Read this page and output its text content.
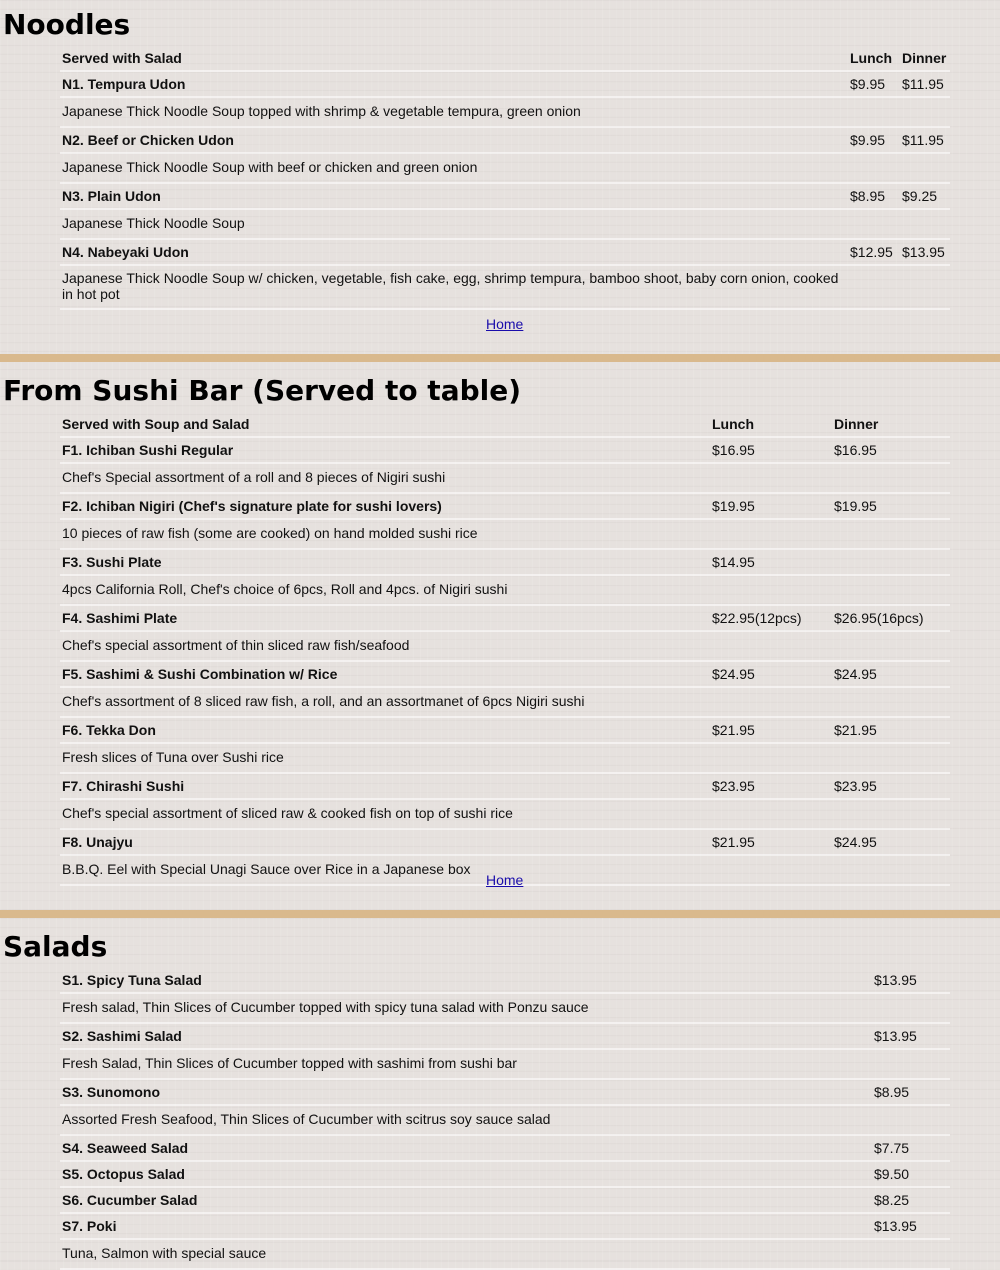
Noodles
Served with Salad	Lunch	Dinner
N1. Tempura Udon	$9.95	$11.95
Japanese Thick Noodle Soup topped with shrimp & vegetable tempura, green onion		
N2. Beef or Chicken Udon	$9.95	$11.95
Japanese Thick Noodle Soup with beef or chicken and green onion		
N3. Plain Udon	$8.95	$9.25
Japanese Thick Noodle Soup		
N4. Nabeyaki Udon	$12.95	$13.95
Japanese Thick Noodle Soup w/ chicken, vegetable, fish cake, egg, shrimp tempura, bamboo shoot, baby corn onion, cooked in hot pot		
Home
From Sushi Bar (Served to table)
Served with Soup and Salad	Lunch	Dinner
F1. Ichiban Sushi Regular	$16.95	$16.95
Chef's Special assortment of a roll and 8 pieces of Nigiri sushi		
F2. Ichiban Nigiri (Chef's signature plate for sushi lovers)	$19.95	$19.95
10 pieces of raw fish (some are cooked) on hand molded sushi rice		
F3. Sushi Plate	$14.95	
4pcs California Roll, Chef's choice of 6pcs, Roll and 4pcs. of Nigiri sushi		
F4. Sashimi Plate	$22.95(12pcs)	$26.95(16pcs)
Chef's special assortment of thin sliced raw fish/seafood		
F5. Sashimi & Sushi Combination w/ Rice	$24.95	$24.95
Chef's assortment of 8 sliced raw fish, a roll, and an assortmanet of 6pcs Nigiri sushi		
F6. Tekka Don	$21.95	$21.95
Fresh slices of Tuna over Sushi rice		
F7. Chirashi Sushi	$23.95	$23.95
Chef's special assortment of sliced raw & cooked fish on top of sushi rice		
F8. Unajyu	$21.95	$24.95
B.B.Q. Eel with Special Unagi Sauce over Rice in a Japanese box		
Home
Salads
S1. Spicy Tuna Salad	$13.95
Fresh salad, Thin Slices of Cucumber topped with spicy tuna salad with Ponzu sauce	
S2. Sashimi Salad	$13.95
Fresh Salad, Thin Slices of Cucumber topped with sashimi from sushi bar	
S3. Sunomono	$8.95
Assorted Fresh Seafood, Thin Slices of Cucumber with scitrus soy sauce salad	
S4. Seaweed Salad	$7.75
S5. Octopus Salad	$9.50
S6. Cucumber Salad	$8.25
S7. Poki	$13.95
Tuna, Salmon with special sauce	
